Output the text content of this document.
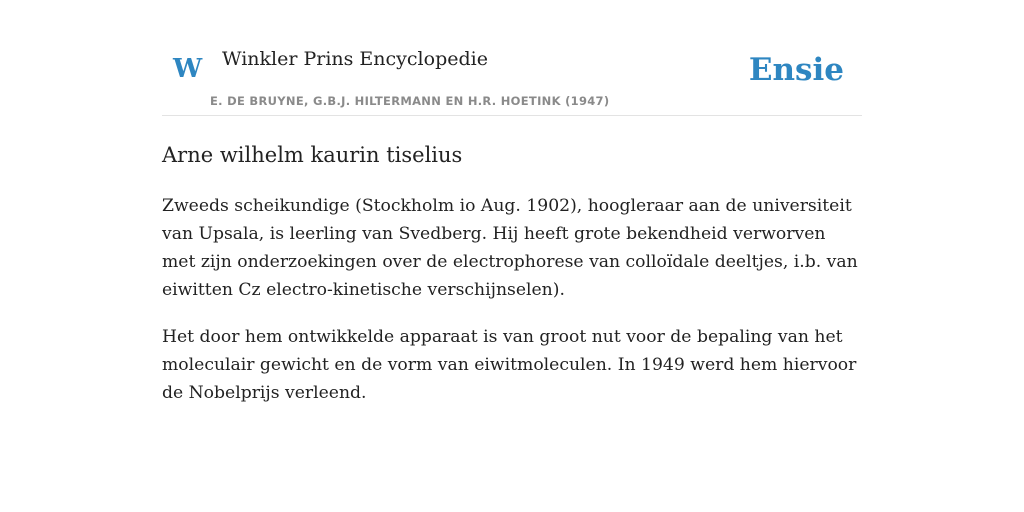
W Winkler Prins Encyclopedie
E. DE BRUYNE, G.B.J. HILTERMANN EN H.R. HOETINK (1947)
Ensie
Arne wilhelm kaurin tiselius

Zweeds scheikundige (Stockholm io Aug. 1902), hoogleraar aan de universiteit van Upsala, is leerling van Svedberg. Hij heeft grote bekendheid verworven met zijn onderzoekingen over de electrophorese van colloïdale deeltjes, i.b. van eiwitten Cz electro-kinetische verschijnselen).

Het door hem ontwikkelde apparaat is van groot nut voor de bepaling van het moleculair gewicht en de vorm van eiwitmoleculen. In 1949 werd hem hiervoor de Nobelprijs verleend.
